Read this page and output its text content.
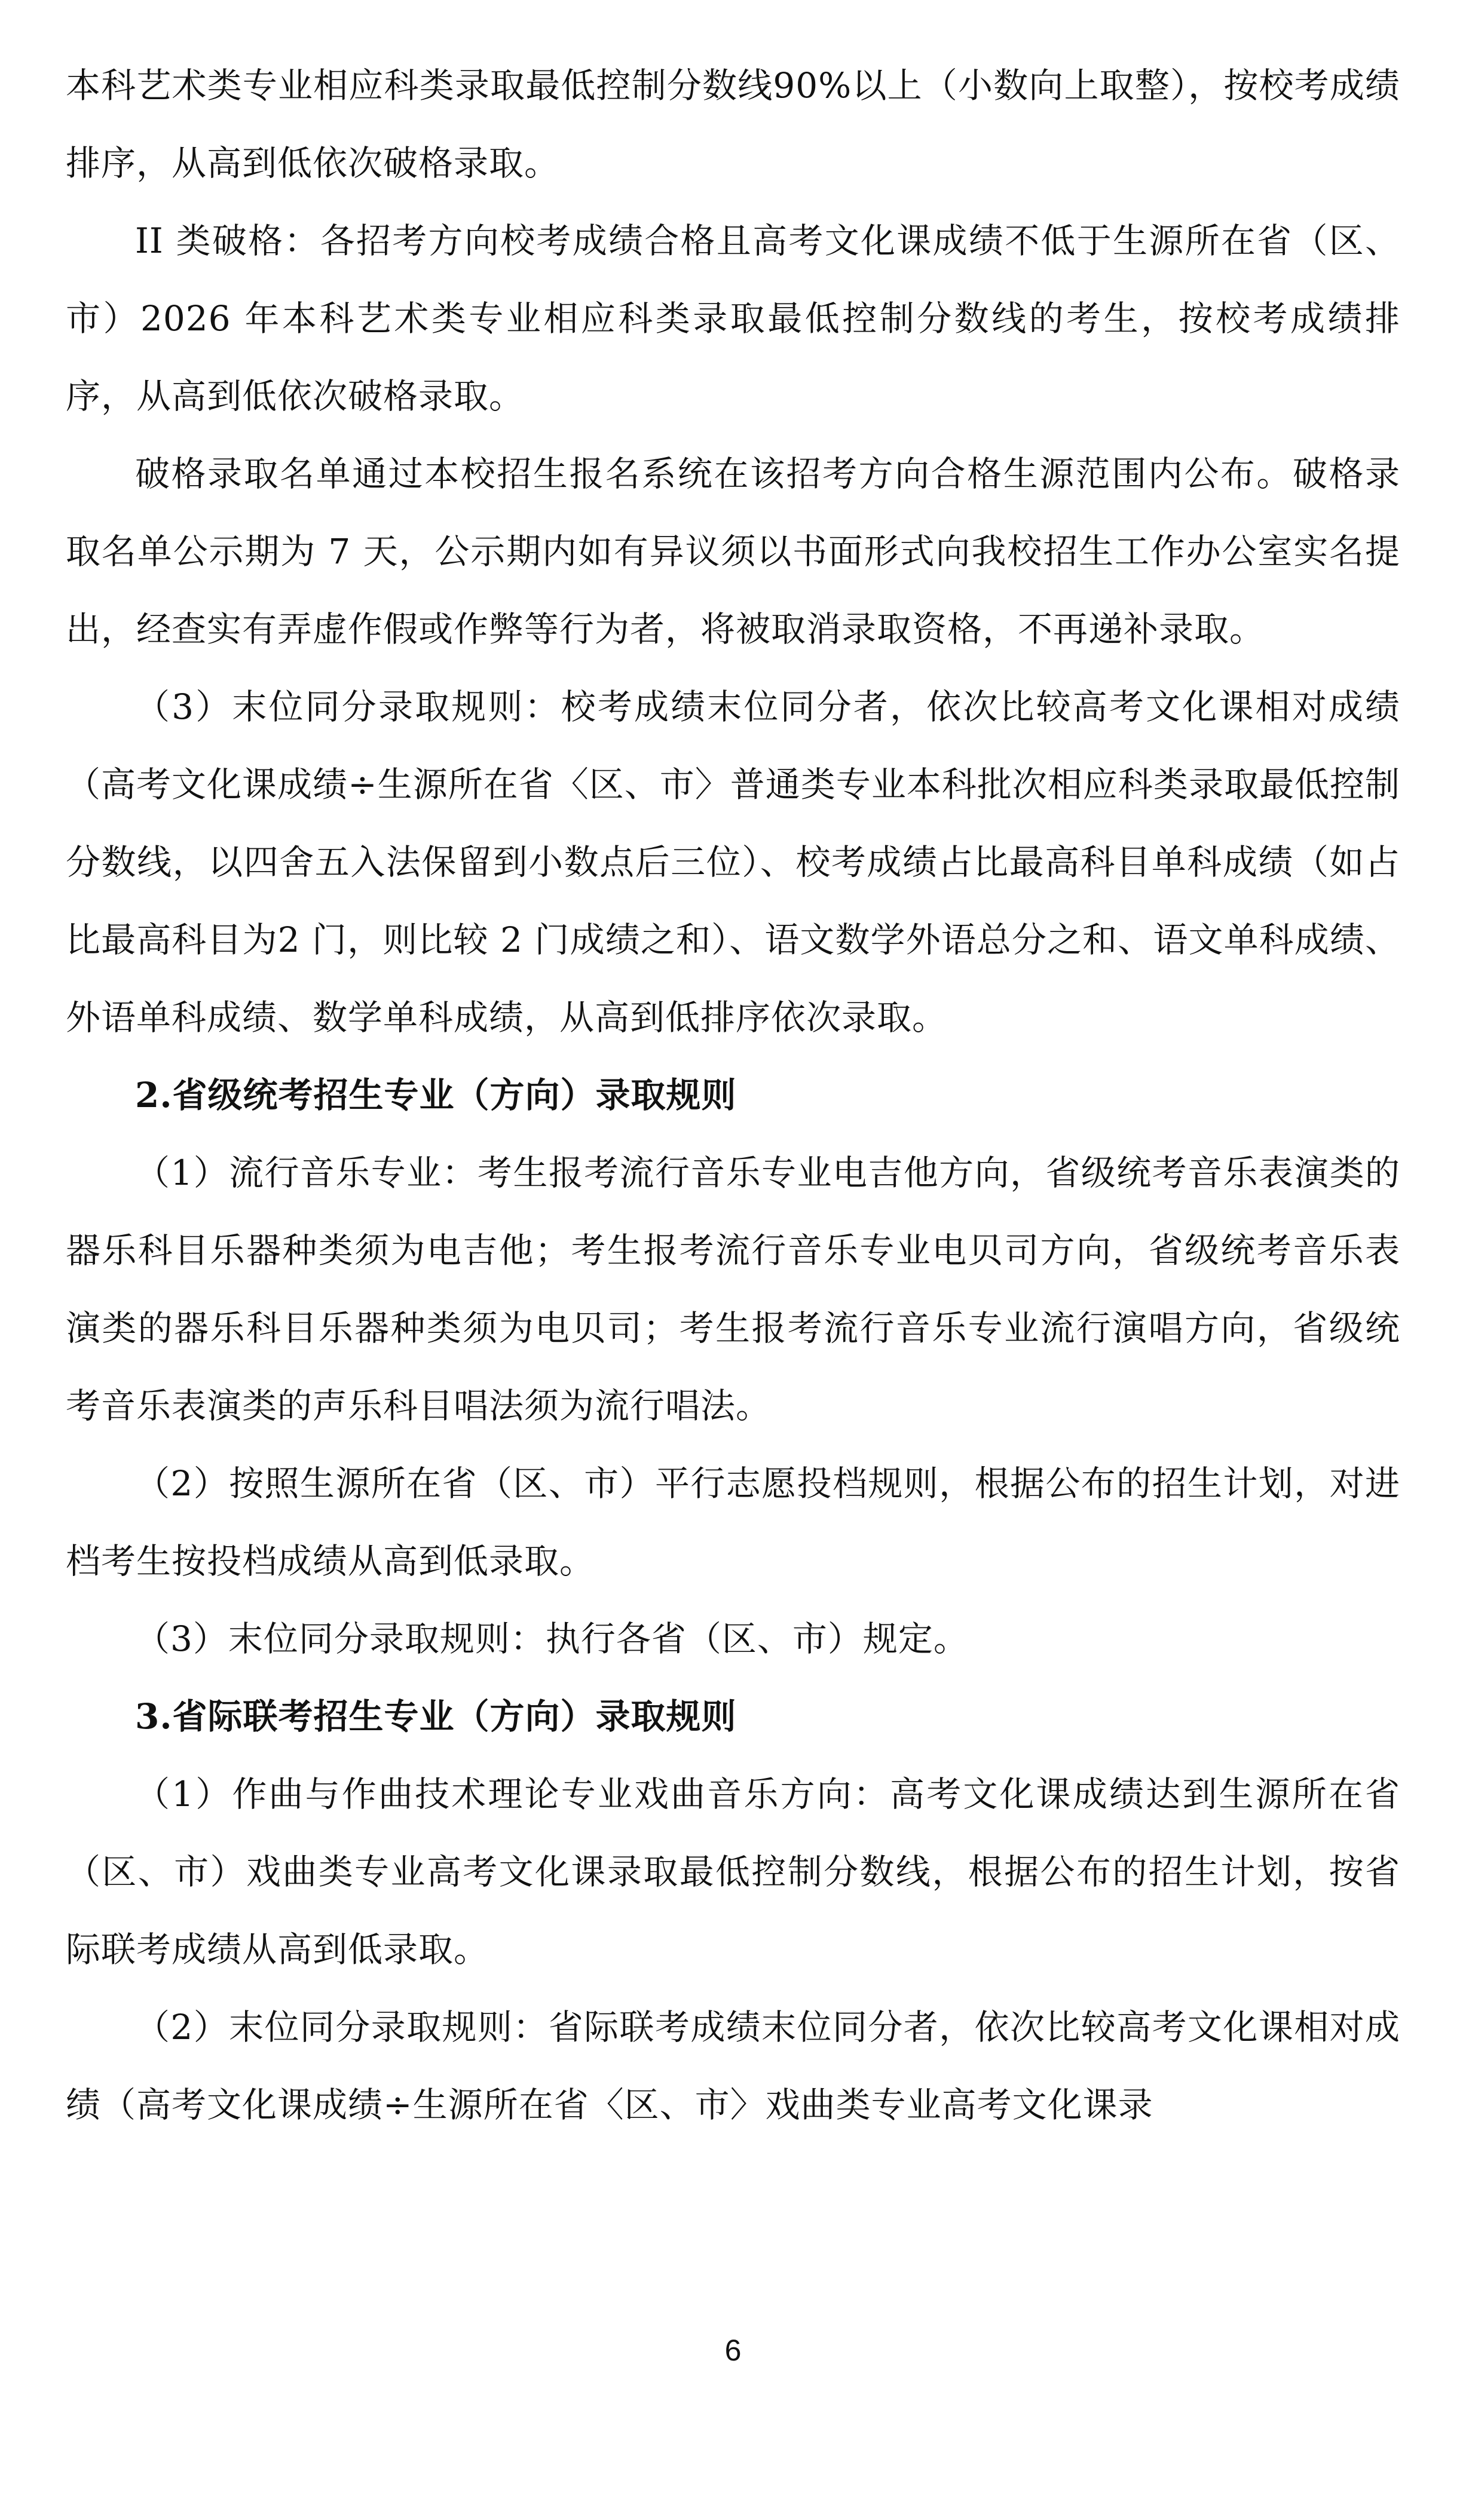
本科艺术类专业相应科类录取最低控制分数线90%以上（小数向上取整），按校考成绩排序，从高到低依次破格录取。

II 类破格：各招考方向校考成绩合格且高考文化课成绩不低于生源所在省（区、市）2026 年本科艺术类专业相应科类录取最低控制分数线的考生，按校考成绩排序，从高到低依次破格录取。

破格录取名单通过本校招生报名系统在该招考方向合格生源范围内公布。破格录取名单公示期为 7 天，公示期内如有异议须以书面形式向我校招生工作办公室实名提出，经查实有弄虚作假或作弊等行为者，将被取消录取资格，不再递补录取。

（3）末位同分录取规则：校考成绩末位同分者，依次比较高考文化课相对成绩（高考文化课成绩÷生源所在省〈区、市〉普通类专业本科批次相应科类录取最低控制分数线，以四舍五入法保留到小数点后三位）、校考成绩占比最高科目单科成绩（如占比最高科目为2 门，则比较 2 门成绩之和）、语文数学外语总分之和、语文单科成绩、外语单科成绩、数学单科成绩，从高到低排序依次录取。

2.省级统考招生专业（方向）录取规则

（1）流行音乐专业：考生报考流行音乐专业电吉他方向，省级统考音乐表演类的器乐科目乐器种类须为电吉他；考生报考流行音乐专业电贝司方向，省级统考音乐表演类的器乐科目乐器种类须为电贝司；考生报考流行音乐专业流行演唱方向，省级统考音乐表演类的声乐科目唱法须为流行唱法。

（2）按照生源所在省（区、市）平行志愿投档规则，根据公布的招生计划，对进档考生按投档成绩从高到低录取。

（3）末位同分录取规则：执行各省（区、市）规定。

3.省际联考招生专业（方向）录取规则

（1）作曲与作曲技术理论专业戏曲音乐方向：高考文化课成绩达到生源所在省（区、市）戏曲类专业高考文化课录取最低控制分数线，根据公布的招生计划，按省际联考成绩从高到低录取。

（2）末位同分录取规则：省际联考成绩末位同分者，依次比较高考文化课相对成绩（高考文化课成绩÷生源所在省〈区、市〉戏曲类专业高考文化课录

6
